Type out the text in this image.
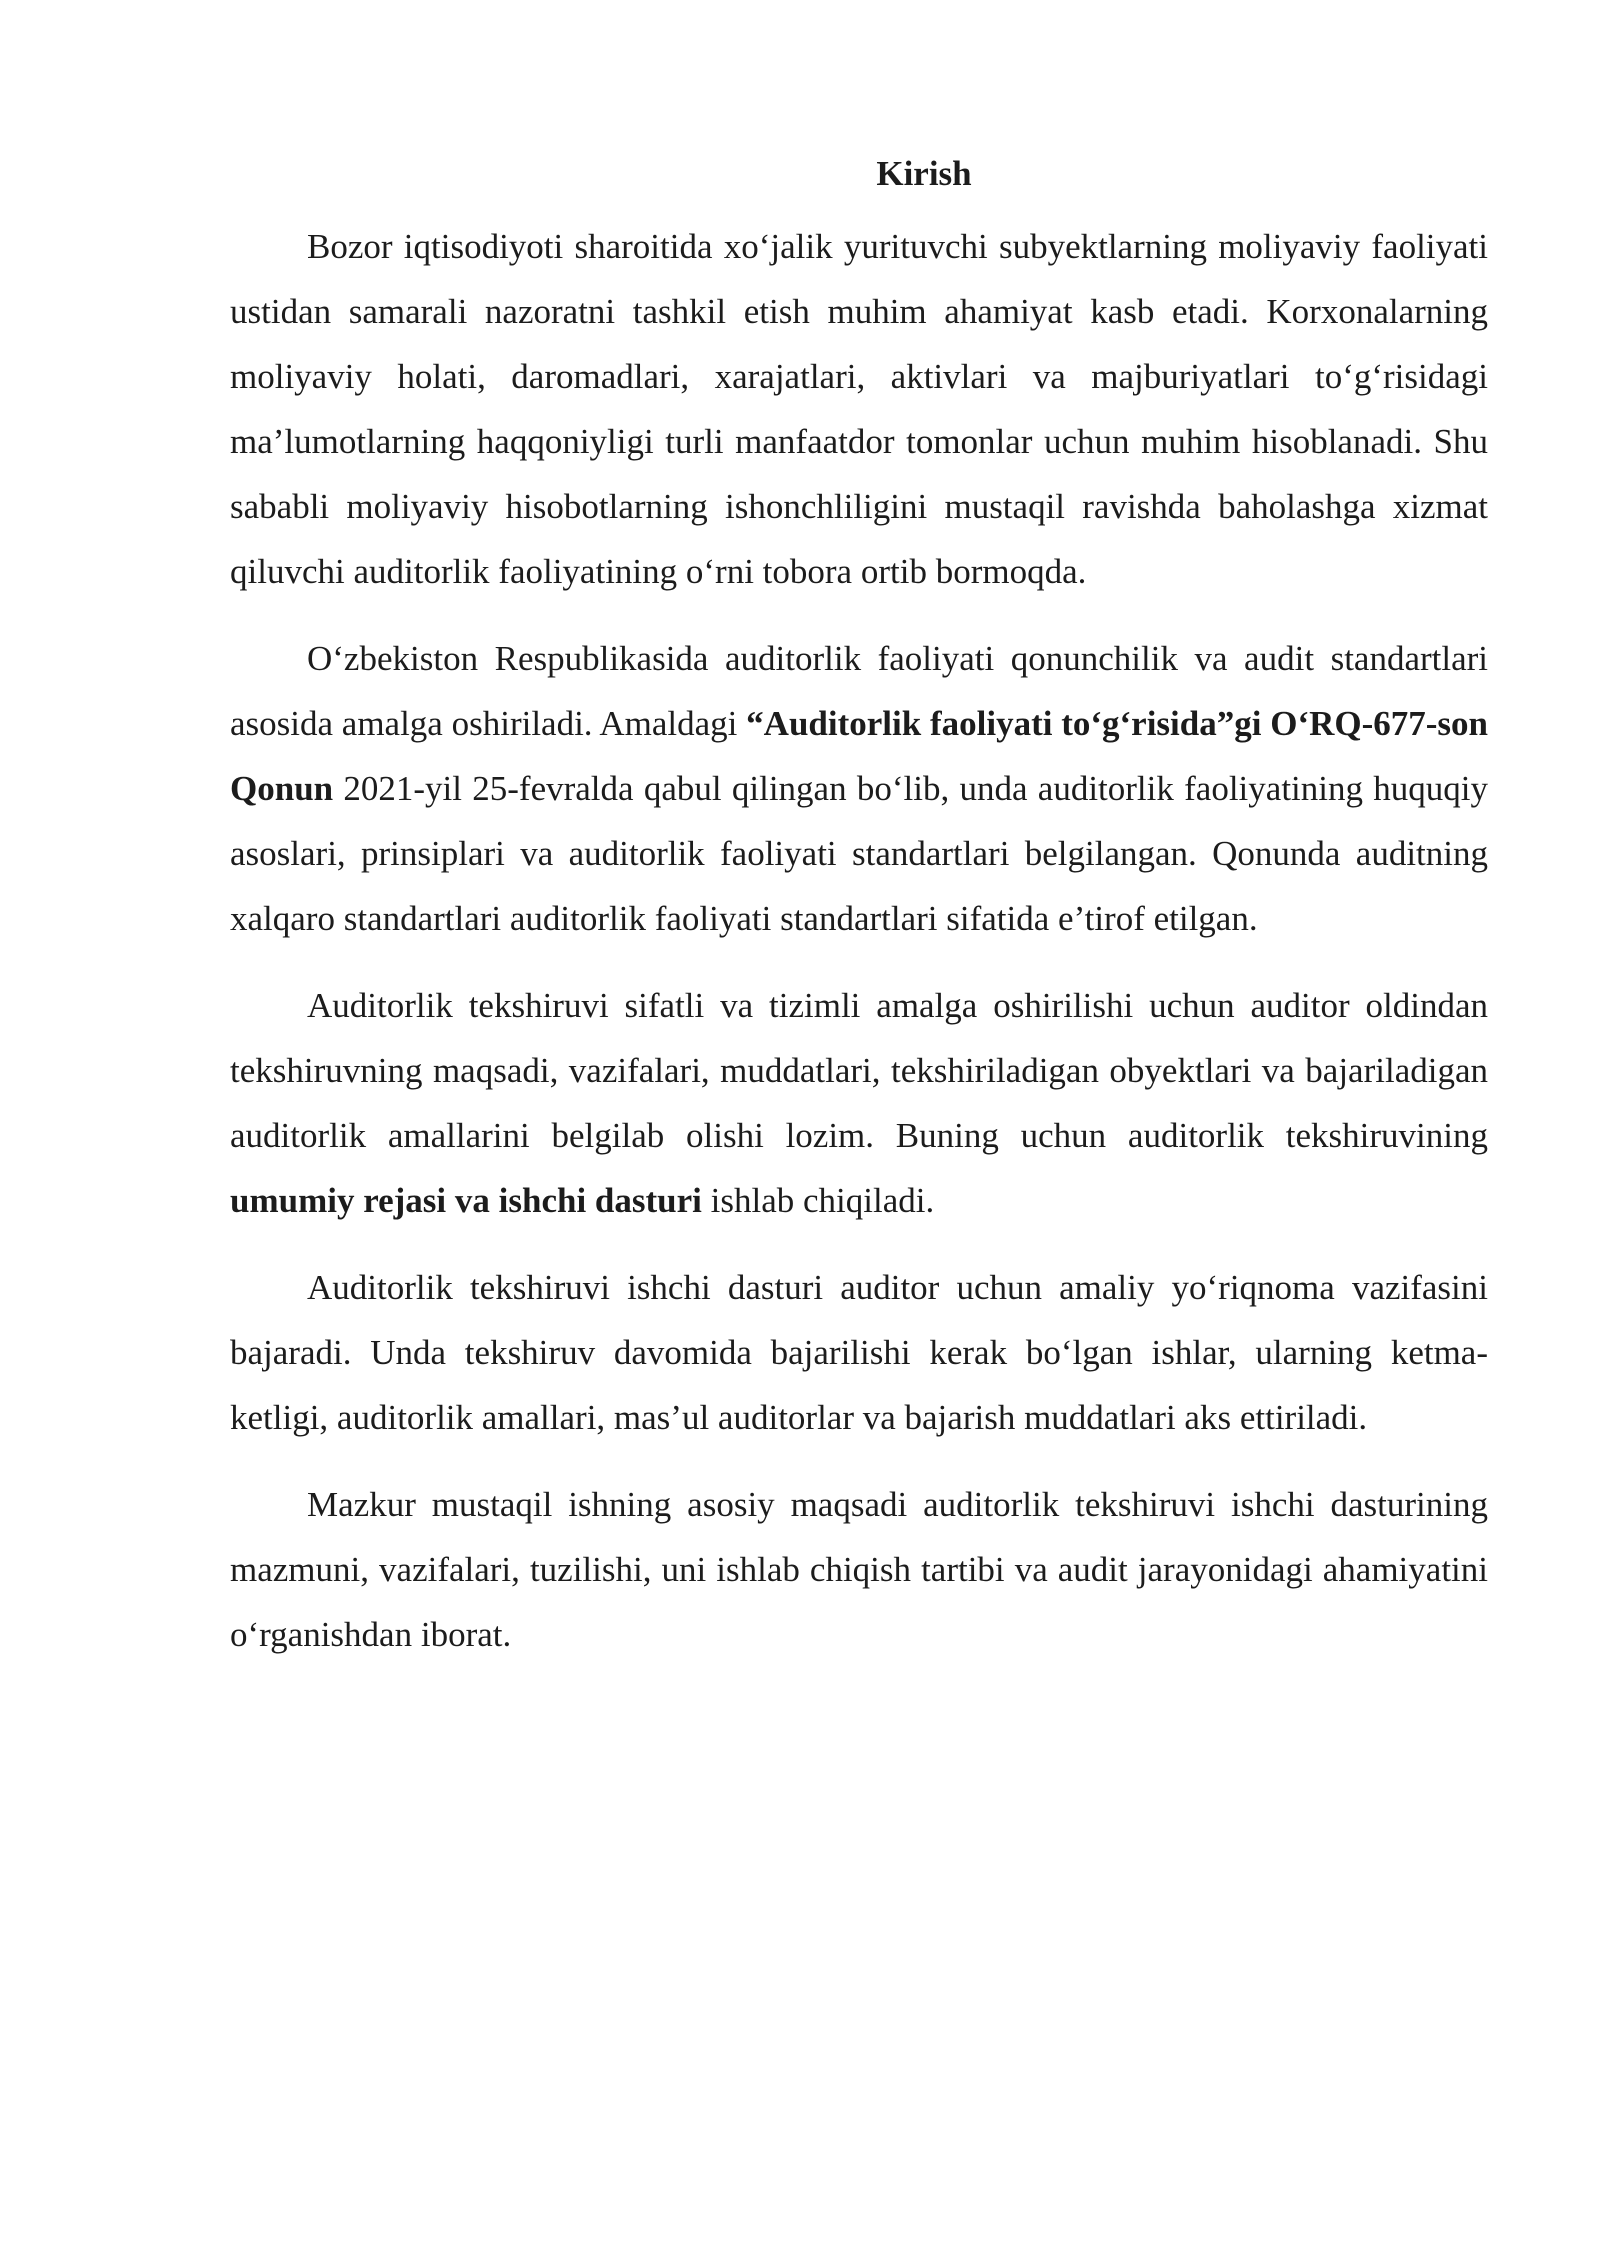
Kirish

Bozor iqtisodiyoti sharoitida xo‘jalik yurituvchi subyektlarning moliyaviy faoliyati ustidan samarali nazoratni tashkil etish muhim ahamiyat kasb etadi. Korxonalarning moliyaviy holati, daromadlari, xarajatlari, aktivlari va majburiyatlari to‘g‘risidagi ma’lumotlarning haqqoniyligi turli manfaatdor tomonlar uchun muhim hisoblanadi. Shu sababli moliyaviy hisobotlarning ishonchliligini mustaqil ravishda baholashga xizmat qiluvchi auditorlik faoliyatining o‘rni tobora ortib bormoqda.

O‘zbekiston Respublikasida auditorlik faoliyati qonunchilik va audit standartlari asosida amalga oshiriladi. Amaldagi “Auditorlik faoliyati to‘g‘risida”gi O‘RQ-677-son Qonun 2021-yil 25-fevralda qabul qilingan bo‘lib, unda auditorlik faoliyatining huquqiy asoslari, prinsiplari va auditorlik faoliyati standartlari belgilangan. Qonunda auditning xalqaro standartlari auditorlik faoliyati standartlari sifatida e’tirof etilgan.

Auditorlik tekshiruvi sifatli va tizimli amalga oshirilishi uchun auditor oldindan tekshiruvning maqsadi, vazifalari, muddatlari, tekshiriladigan obyektlari va bajariladigan auditorlik amallarini belgilab olishi lozim. Buning uchun auditorlik tekshiruvining umumiy rejasi va ishchi dasturi ishlab chiqiladi.

Auditorlik tekshiruvi ishchi dasturi auditor uchun amaliy yo‘riqnoma vazifasini bajaradi. Unda tekshiruv davomida bajarilishi kerak bo‘lgan ishlar, ularning ketma-ketligi, auditorlik amallari, mas’ul auditorlar va bajarish muddatlari aks ettiriladi.

Mazkur mustaqil ishning asosiy maqsadi auditorlik tekshiruvi ishchi dasturining mazmuni, vazifalari, tuzilishi, uni ishlab chiqish tartibi va audit jarayonidagi ahamiyatini o‘rganishdan iborat.
